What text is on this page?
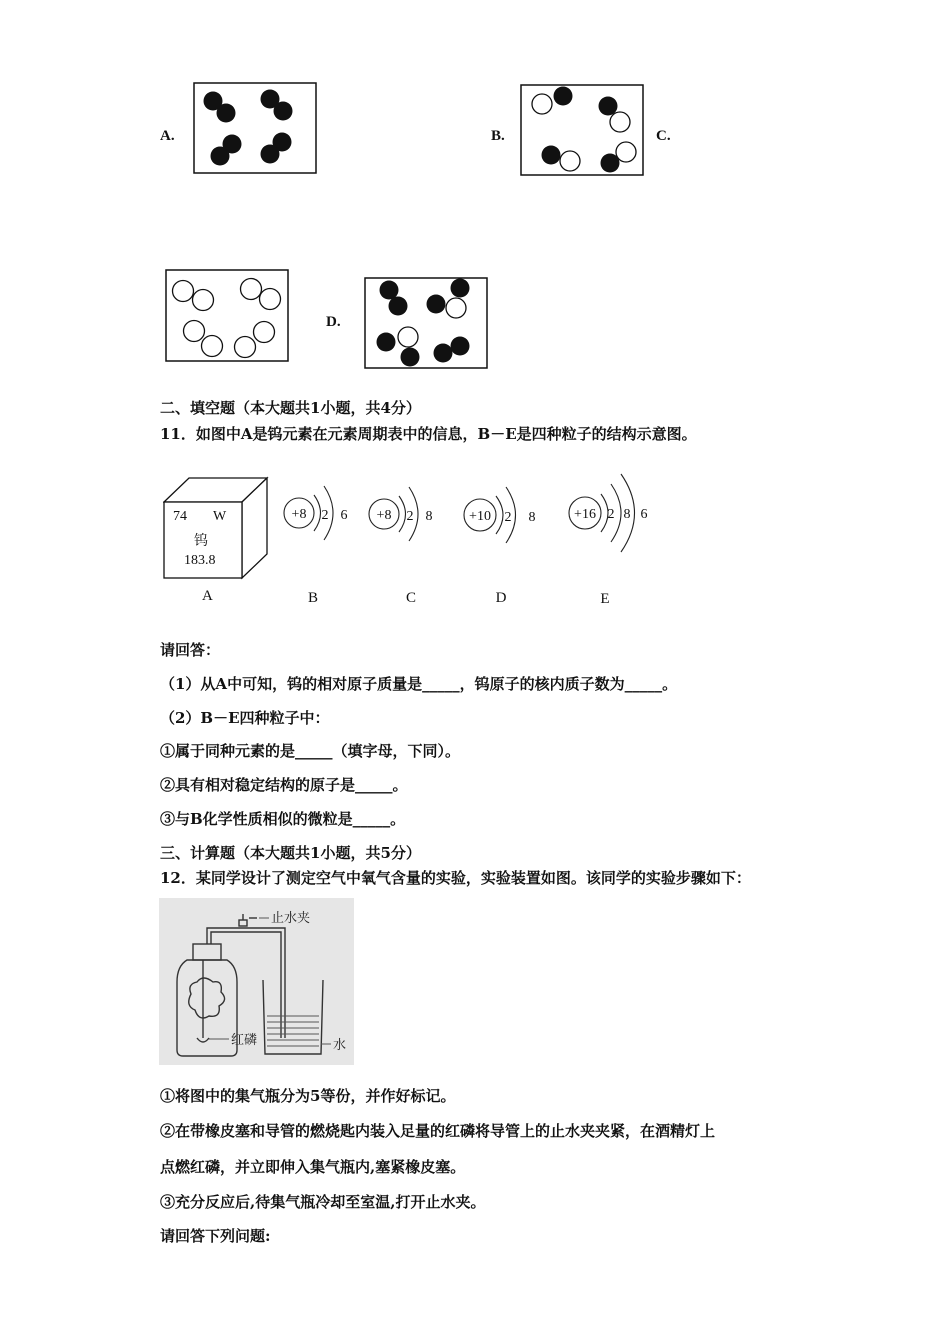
A.	B.	C.
D.
二、填空题（本大题共1小题，共4分）
11．如图中A是钨元素在元素周期表中的信息，B－E是四种粒子的结构示意图。
74 W
钨
183.8
A
+8 2 6 +8 2 8	+10 2 8	+16 2 8 6
B	C	D	E
请回答：
（1）从A中可知，钨的相对原子质量是_____，钨原子的核内质子数为_____。
（2）B－E四种粒子中：
①属于同种元素的是_____（填字母，下同）。
②具有相对稳定结构的原子是_____。
③与B化学性质相似的微粒是_____。
三、计算题（本大题共1小题，共5分）
12．某同学设计了测定空气中氧气含量的实验，实验装置如图。该同学的实验步骤如下：
止水夹
红磷	水
①将图中的集气瓶分为5等份，并作好标记。
②在带橡皮塞和导管的燃烧匙内装入足量的红磷将导管上的止水夹夹紧，在酒精灯上
点燃红磷，并立即伸入集气瓶内,塞紧橡皮塞。
③充分反应后,待集气瓶冷却至室温,打开止水夹。
请回答下列问题:
